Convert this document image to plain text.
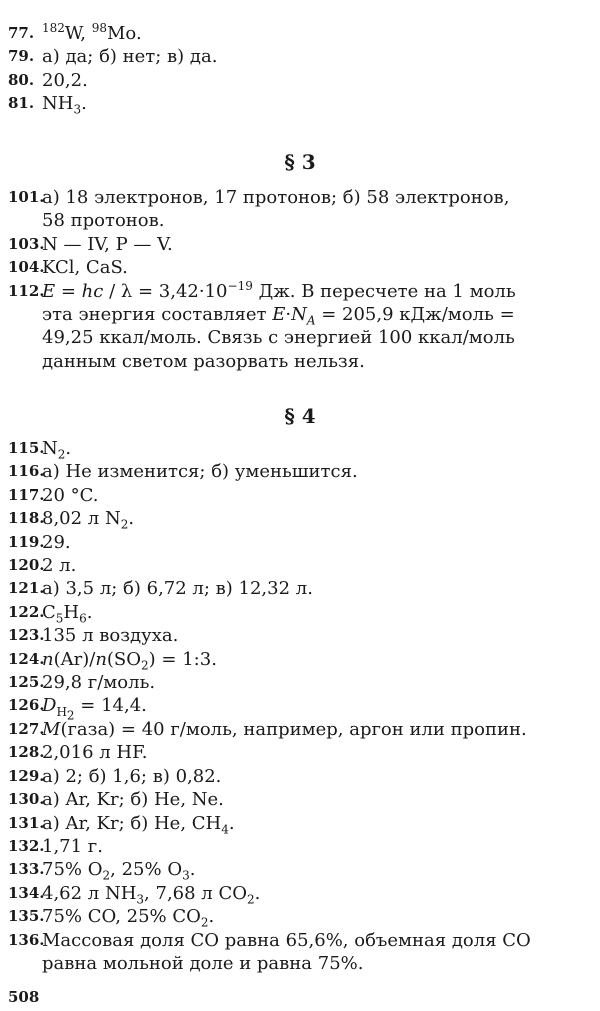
77. $^{182}$W, $^{98}$Mo.
79. а) да; б) нет; в) да.
80. 20,2.
81. $NH_3$.
§ 3
101.
а) 18 электронов, 17 протонов; б) 58 электронов,
58 протонов.
103.
N — IV, P — V.
104.
KCl, CaS.
112.
E = hc / $\lambda = 3,42\cdot 10^{-19}$ Дж. В пересчете на 1 моль
эта энергия составляет $E\cdot N_A = 205,9$ кДж/моль =
49,25 ккал/моль. Связь с энергией 100 ккал/моль
данным светом разорвать нельзя.
§ 4
115.
$N_2$.
116.
а) Не изменится; б) уменьшится.
117.
20 °C.
118.
8,02 л $N_2$.
119.
29.
120.
2 л.
121.
а) 3,5 л; б) 6,72 л; в) 12,32 л.
122.
$C_5H_6$.
123.
135 л воздуха.
124.
$n(Ar)/n(SO_2)$ = 1:3.
125.
29,8 г/моль.
126.
$D_{H_2} = 14,4$.
127.
M(газа) = 40 г/моль, например, аргон или пропин.
128.
2,016 л HF.
129.
а) 2; б) 1,6; в) 0,82.
130.
а) Ar, Kr; б) He, Ne.
131.
а) Ar, Kr; б) He, $CH_4$.
132.
1,71 г.
133.
75% $O_2$, 25% $O_3$.
134.
4,62 л $NH_3$, 7,68 л $CO_2$.
135.
75% CO, 25% $CO_2$.
136.
Массовая доля CO равна 65,6%, объемная доля CO
равна мольной доле и равна 75%.
508
